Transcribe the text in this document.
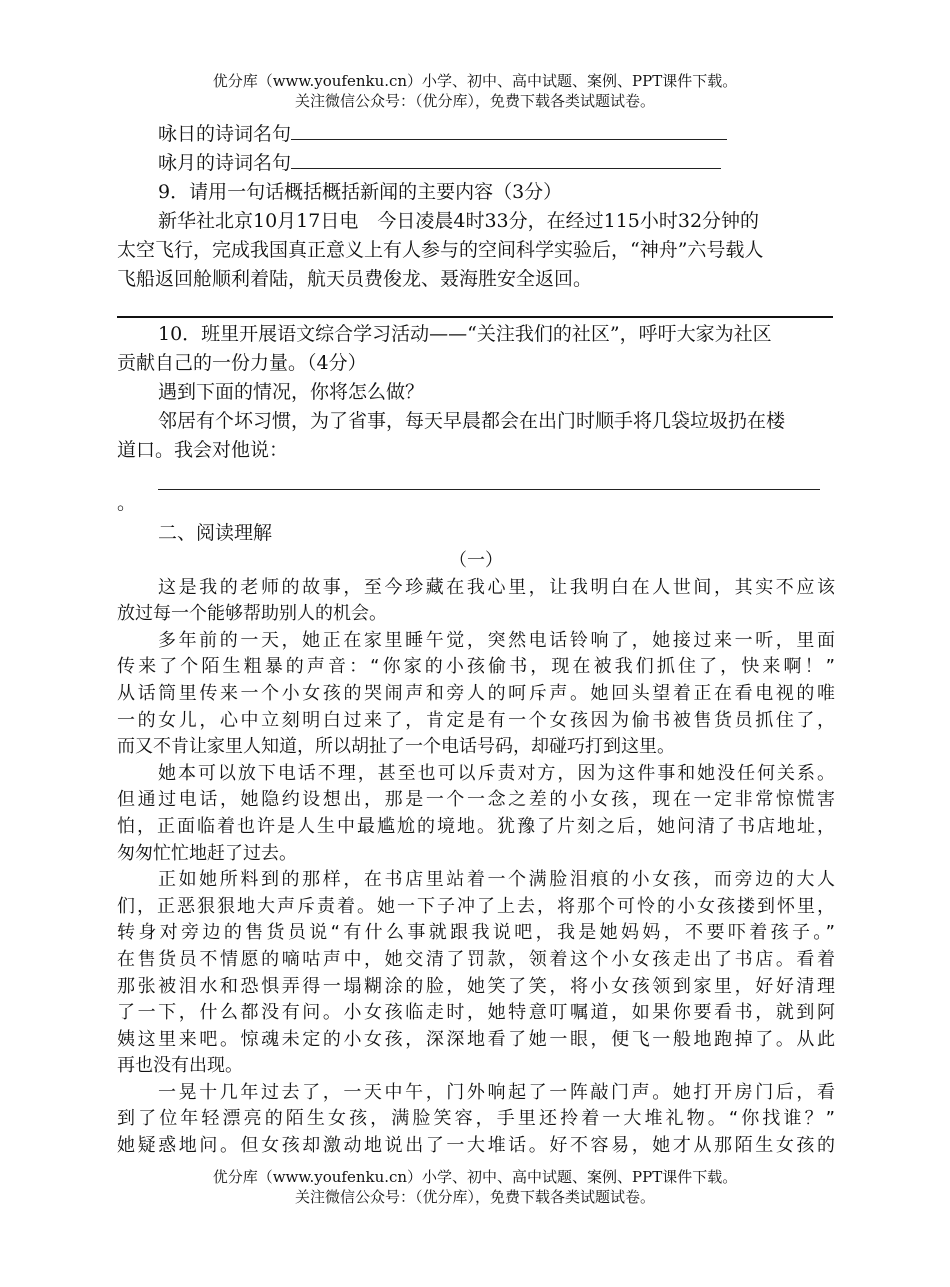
优分库（www.youfenku.cn）小学、初中、高中试题、案例、PPT课件下载。
关注微信公众号：（优分库），免费下载各类试题试卷。
咏日的诗词名句
咏月的诗词名句
9．请用一句话概括概括新闻的主要内容（3分）
新华社北京10月17日电　今日凌晨4时33分，在经过115小时32分钟的
太空飞行，完成我国真正意义上有人参与的空间科学实验后，“神舟”六号载人
飞船返回舱顺利着陆，航天员费俊龙、聂海胜安全返回。
10．班里开展语文综合学习活动——“关注我们的社区”，呼吁大家为社区
贡献自己的一份力量。（4分）
遇到下面的情况，你将怎么做？
邻居有个坏习惯，为了省事，每天早晨都会在出门时顺手将几袋垃圾扔在楼
道口。我会对他说：
。
二、阅读理解
（一）
这是我的老师的故事，至今珍藏在我心里，让我明白在人世间，其实不应该
放过每一个能够帮助别人的机会。
多年前的一天，她正在家里睡午觉，突然电话铃响了，她接过来一听，里面
传来了个陌生粗暴的声音：“你家的小孩偷书，现在被我们抓住了，快来啊！”
从话筒里传来一个小女孩的哭闹声和旁人的呵斥声。她回头望着正在看电视的唯
一的女儿，心中立刻明白过来了，肯定是有一个女孩因为偷书被售货员抓住了，
而又不肯让家里人知道，所以胡扯了一个电话号码，却碰巧打到这里。
她本可以放下电话不理，甚至也可以斥责对方，因为这件事和她没任何关系。
但通过电话，她隐约设想出，那是一个一念之差的小女孩，现在一定非常惊慌害
怕，正面临着也许是人生中最尴尬的境地。犹豫了片刻之后，她问清了书店地址，
匆匆忙忙地赶了过去。
正如她所料到的那样，在书店里站着一个满脸泪痕的小女孩，而旁边的大人
们，正恶狠狠地大声斥责着。她一下子冲了上去，将那个可怜的小女孩搂到怀里，
转身对旁边的售货员说“有什么事就跟我说吧，我是她妈妈，不要吓着孩子。”
在售货员不情愿的嘀咕声中，她交清了罚款，领着这个小女孩走出了书店。看着
那张被泪水和恐惧弄得一塌糊涂的脸，她笑了笑，将小女孩领到家里，好好清理
了一下，什么都没有问。小女孩临走时，她特意叮嘱道，如果你要看书，就到阿
姨这里来吧。惊魂未定的小女孩，深深地看了她一眼，便飞一般地跑掉了。从此
再也没有出现。
一晃十几年过去了，一天中午，门外响起了一阵敲门声。她打开房门后，看
到了位年轻漂亮的陌生女孩，满脸笑容，手里还拎着一大堆礼物。“你找谁？”
她疑惑地问。但女孩却激动地说出了一大堆话。好不容易，她才从那陌生女孩的
优分库（www.youfenku.cn）小学、初中、高中试题、案例、PPT课件下载。
关注微信公众号：（优分库），免费下载各类试题试卷。
